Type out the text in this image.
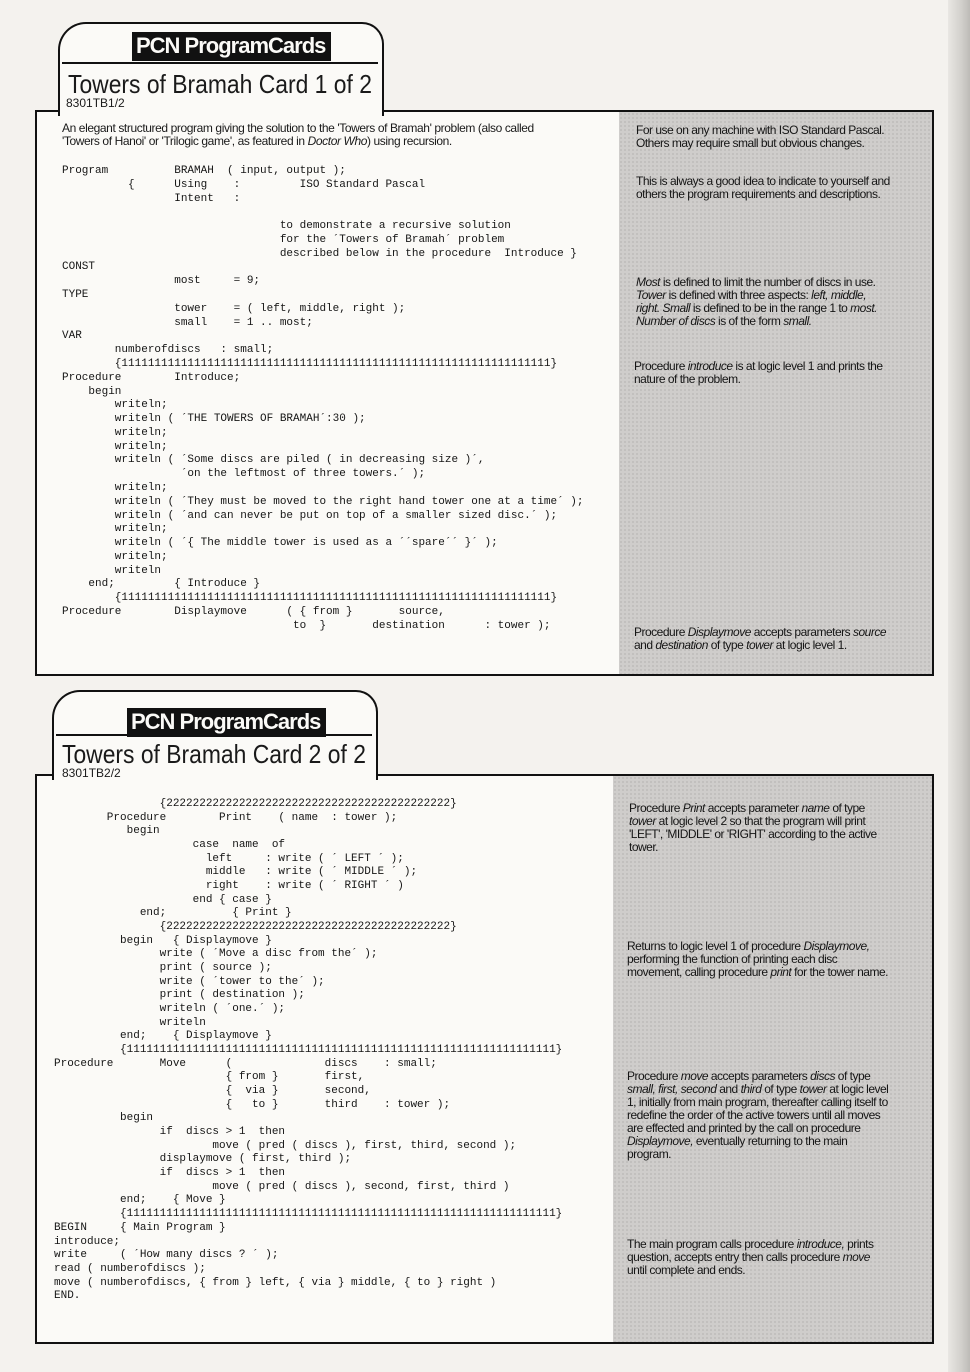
PCN ProgramCards
Towers of Bramah Card 1 of 2
8301TB1/2
An elegant structured program giving the solution to the 'Towers of Bramah' problem (also called
'Towers of Hanoi' or 'Trilogic game', as featured in Doctor Who) using recursion.
Program          BRAMAH  ( input, output );
{      Using    :         ISO Standard Pascal
Intent   :

to demonstrate a recursive solution
for the ´Towers of Bramah´ problem
described below in the procedure  Introduce }
CONST
most     = 9;
TYPE
tower    = ( left, middle, right );
small    = 1 .. most;
VAR
numberofdiscs   : small;
{11111111111111111111111111111111111111111111111111111111111111111}
Procedure        Introduce;
begin
writeln;
writeln ( ´THE TOWERS OF BRAMAH´:30 );
writeln;
writeln;
writeln ( ´Some discs are piled ( in decreasing size )´,
´on the leftmost of three towers.´ );
writeln;
writeln ( ´They must be moved to the right hand tower one at a time´ );
writeln ( ´and can never be put on top of a smaller sized disc.´ );
writeln;
writeln ( ´{ The middle tower is used as a ´´spare´´ }´ );
writeln;
writeln
end;         { Introduce }
{11111111111111111111111111111111111111111111111111111111111111111}
Procedure        Displaymove      ( { from }       source,
to  }       destination      : tower );

For use on any machine with ISO Standard Pascal. Others may require small but obvious changes.

This is always a good idea to indicate to yourself and others the program requirements and descriptions.

Most is defined to limit the number of discs in use. Tower is defined with three aspects: left, middle, right. Small is defined to be in the range 1 to most. Number of discs is of the form small.

Procedure introduce is at logic level 1 and prints the nature of the problem.

Procedure Displaymove accepts parameters source and destination of type tower at logic level 1.

PCN ProgramCards
Towers of Bramah Card 2 of 2
8301TB2/2
{2222222222222222222222222222222222222222222}
Procedure        Print    ( name  : tower );
begin
case  name  of
left     : write ( ´ LEFT ´ );
middle   : write ( ´ MIDDLE ´ );
right    : write ( ´ RIGHT ´ )
end { case }
end;          { Print }
{2222222222222222222222222222222222222222222}
begin   { Displaymove }
write ( ´Move a disc from the´ );
print ( source );
write ( ´tower to the´ );
print ( destination );
writeln ( ´one.´ );
writeln
end;    { Displaymove }
{11111111111111111111111111111111111111111111111111111111111111111}
Procedure       Move      (              discs    : small;
{ from }       first,
{  via }       second,
{   to }       third    : tower );
begin
if  discs > 1  then
move ( pred ( discs ), first, third, second );
displaymove ( first, third );
if  discs > 1  then
move ( pred ( discs ), second, first, third )
end;    { Move }
{11111111111111111111111111111111111111111111111111111111111111111}
BEGIN     { Main Program }
introduce;
write     ( ´How many discs ? ´ );
read ( numberofdiscs );
move ( numberofdiscs, { from } left, { via } middle, { to } right )
END.

Procedure Print accepts parameter name of type tower at logic level 2 so that the program will print 'LEFT', 'MIDDLE' or 'RIGHT' according to the active tower.

Returns to logic level 1 of procedure Displaymove, performing the function of printing each disc movement, calling procedure print for the tower name.

Procedure move accepts parameters discs of type small, first, second and third of type tower at logic level 1, initially from main program, thereafter calling itself to redefine the order of the active towers until all moves are effected and printed by the call on procedure Displaymove, eventually returning to the main program.

The main program calls procedure introduce, prints question, accepts entry then calls procedure move until complete and ends.
